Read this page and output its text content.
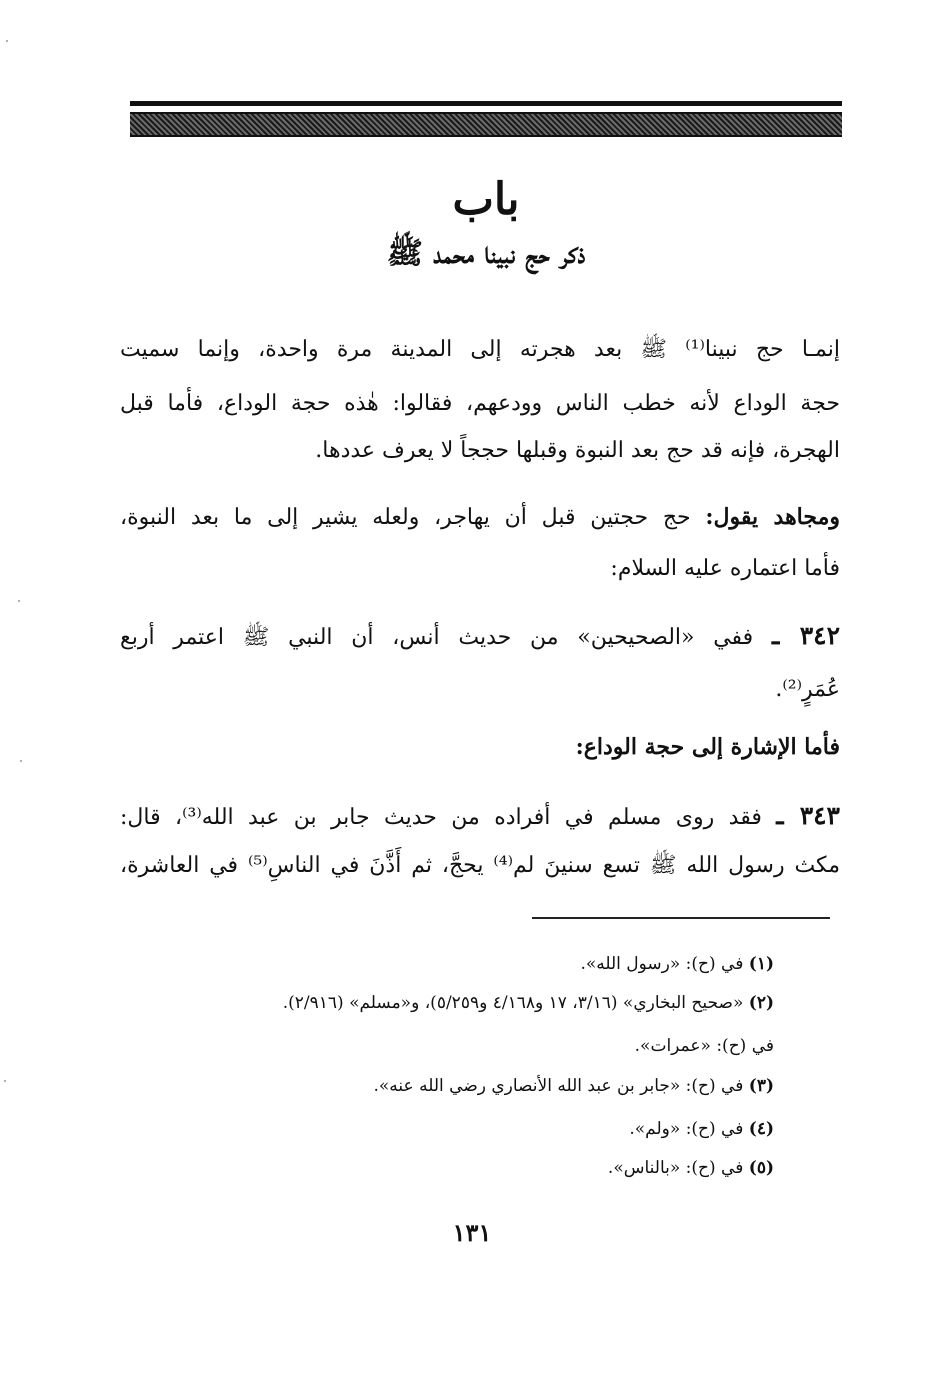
باب
ذكر حج نبينا محمد ﷺ
إنمـا حج نبينا⁽¹⁾ ﷺ بعد هجرته إلى المدينة مرة واحدة، وإنما سميت
حجة الوداع لأنه خطب الناس وودعهم، فقالوا: هٰذه حجة الوداع، فأما قبل
الهجرة، فإنه قد حج بعد النبوة وقبلها حججاً لا يعرف عددها.
ومجاهد يقول: حج حجتين قبل أن يهاجر، ولعله يشير إلى ما بعد النبوة،
فأما اعتماره عليه السلام:
٣٤٢ ـ ففي «الصحيحين» من حديث أنس، أن النبي ﷺ اعتمر أربع
عُمَرٍ⁽²⁾.
فأما الإشارة إلى حجة الوداع:
٣٤٣ ـ فقد روى مسلم في أفراده من حديث جابر بن عبد الله⁽³⁾، قال:
مكث رسول الله ﷺ تسع سنينَ لم⁽⁴⁾ يحجَّ، ثم أَذَّنَ في الناسِ⁽⁵⁾ في العاشرة،
(١) في (ح): «رسول الله».
(٢) «صحيح البخاري» (٣/١٦، ١٧ و٤/١٦٨ و٥/٢٥٩)، و«مسلم» (٢/٩١٦).
في (ح): «عمرات».
(٣) في (ح): «جابر بن عبد الله الأنصاري رضي الله عنه».
(٤) في (ح): «ولم».
(٥) في (ح): «بالناس».
١٣١
